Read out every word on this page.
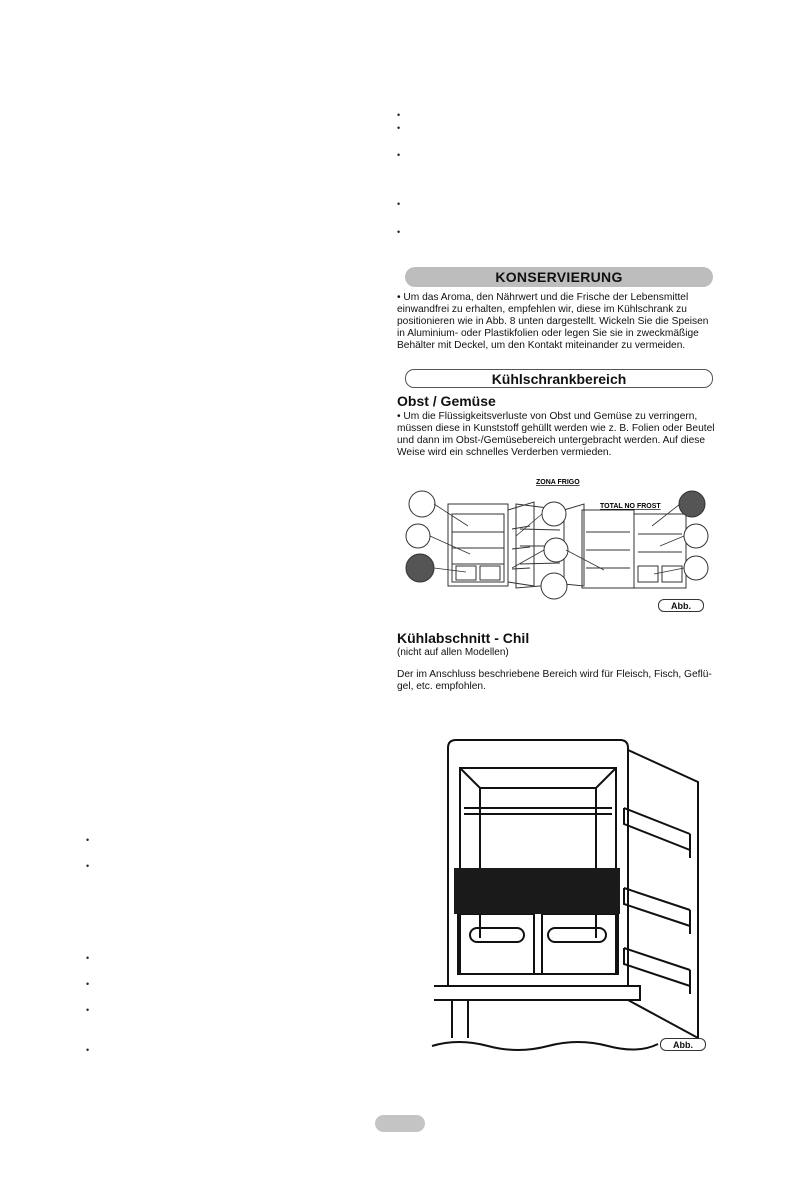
•
•
•
•
•
•
•
•
•
•
•
KONSERVIERUNG
• Um das Aroma, den Nährwert und die Frische der Lebensmittel einwandfrei zu erhalten, empfehlen wir, diese im Kühlschrank zu positionieren wie in Abb. 8 unten dargestellt. Wickeln Sie die Speisen in Aluminium- oder Plastikfolien oder legen Sie sie in zweckmäßige Behälter mit Deckel, um den Kontakt miteinander zu vermeiden.
Kühlschrankbereich
Obst / Gemüse
• Um die Flüssigkeitsverluste von Obst und Gemüse zu verringern, müssen diese in Kunststoff gehüllt werden wie z. B. Folien oder Beutel und dann im Obst-/Gemüsebereich untergebracht werden. Auf diese Weise wird ein schnelles Verderben vermieden.
ZONA FRIGO
TOTAL NO FROST
Abb.
Kühlabschnitt - Chil
(nicht auf allen Modellen)
Der im Anschluss beschriebene Bereich wird für Fleisch, Fisch, Geflü-gel, etc. empfohlen.
Abb.
